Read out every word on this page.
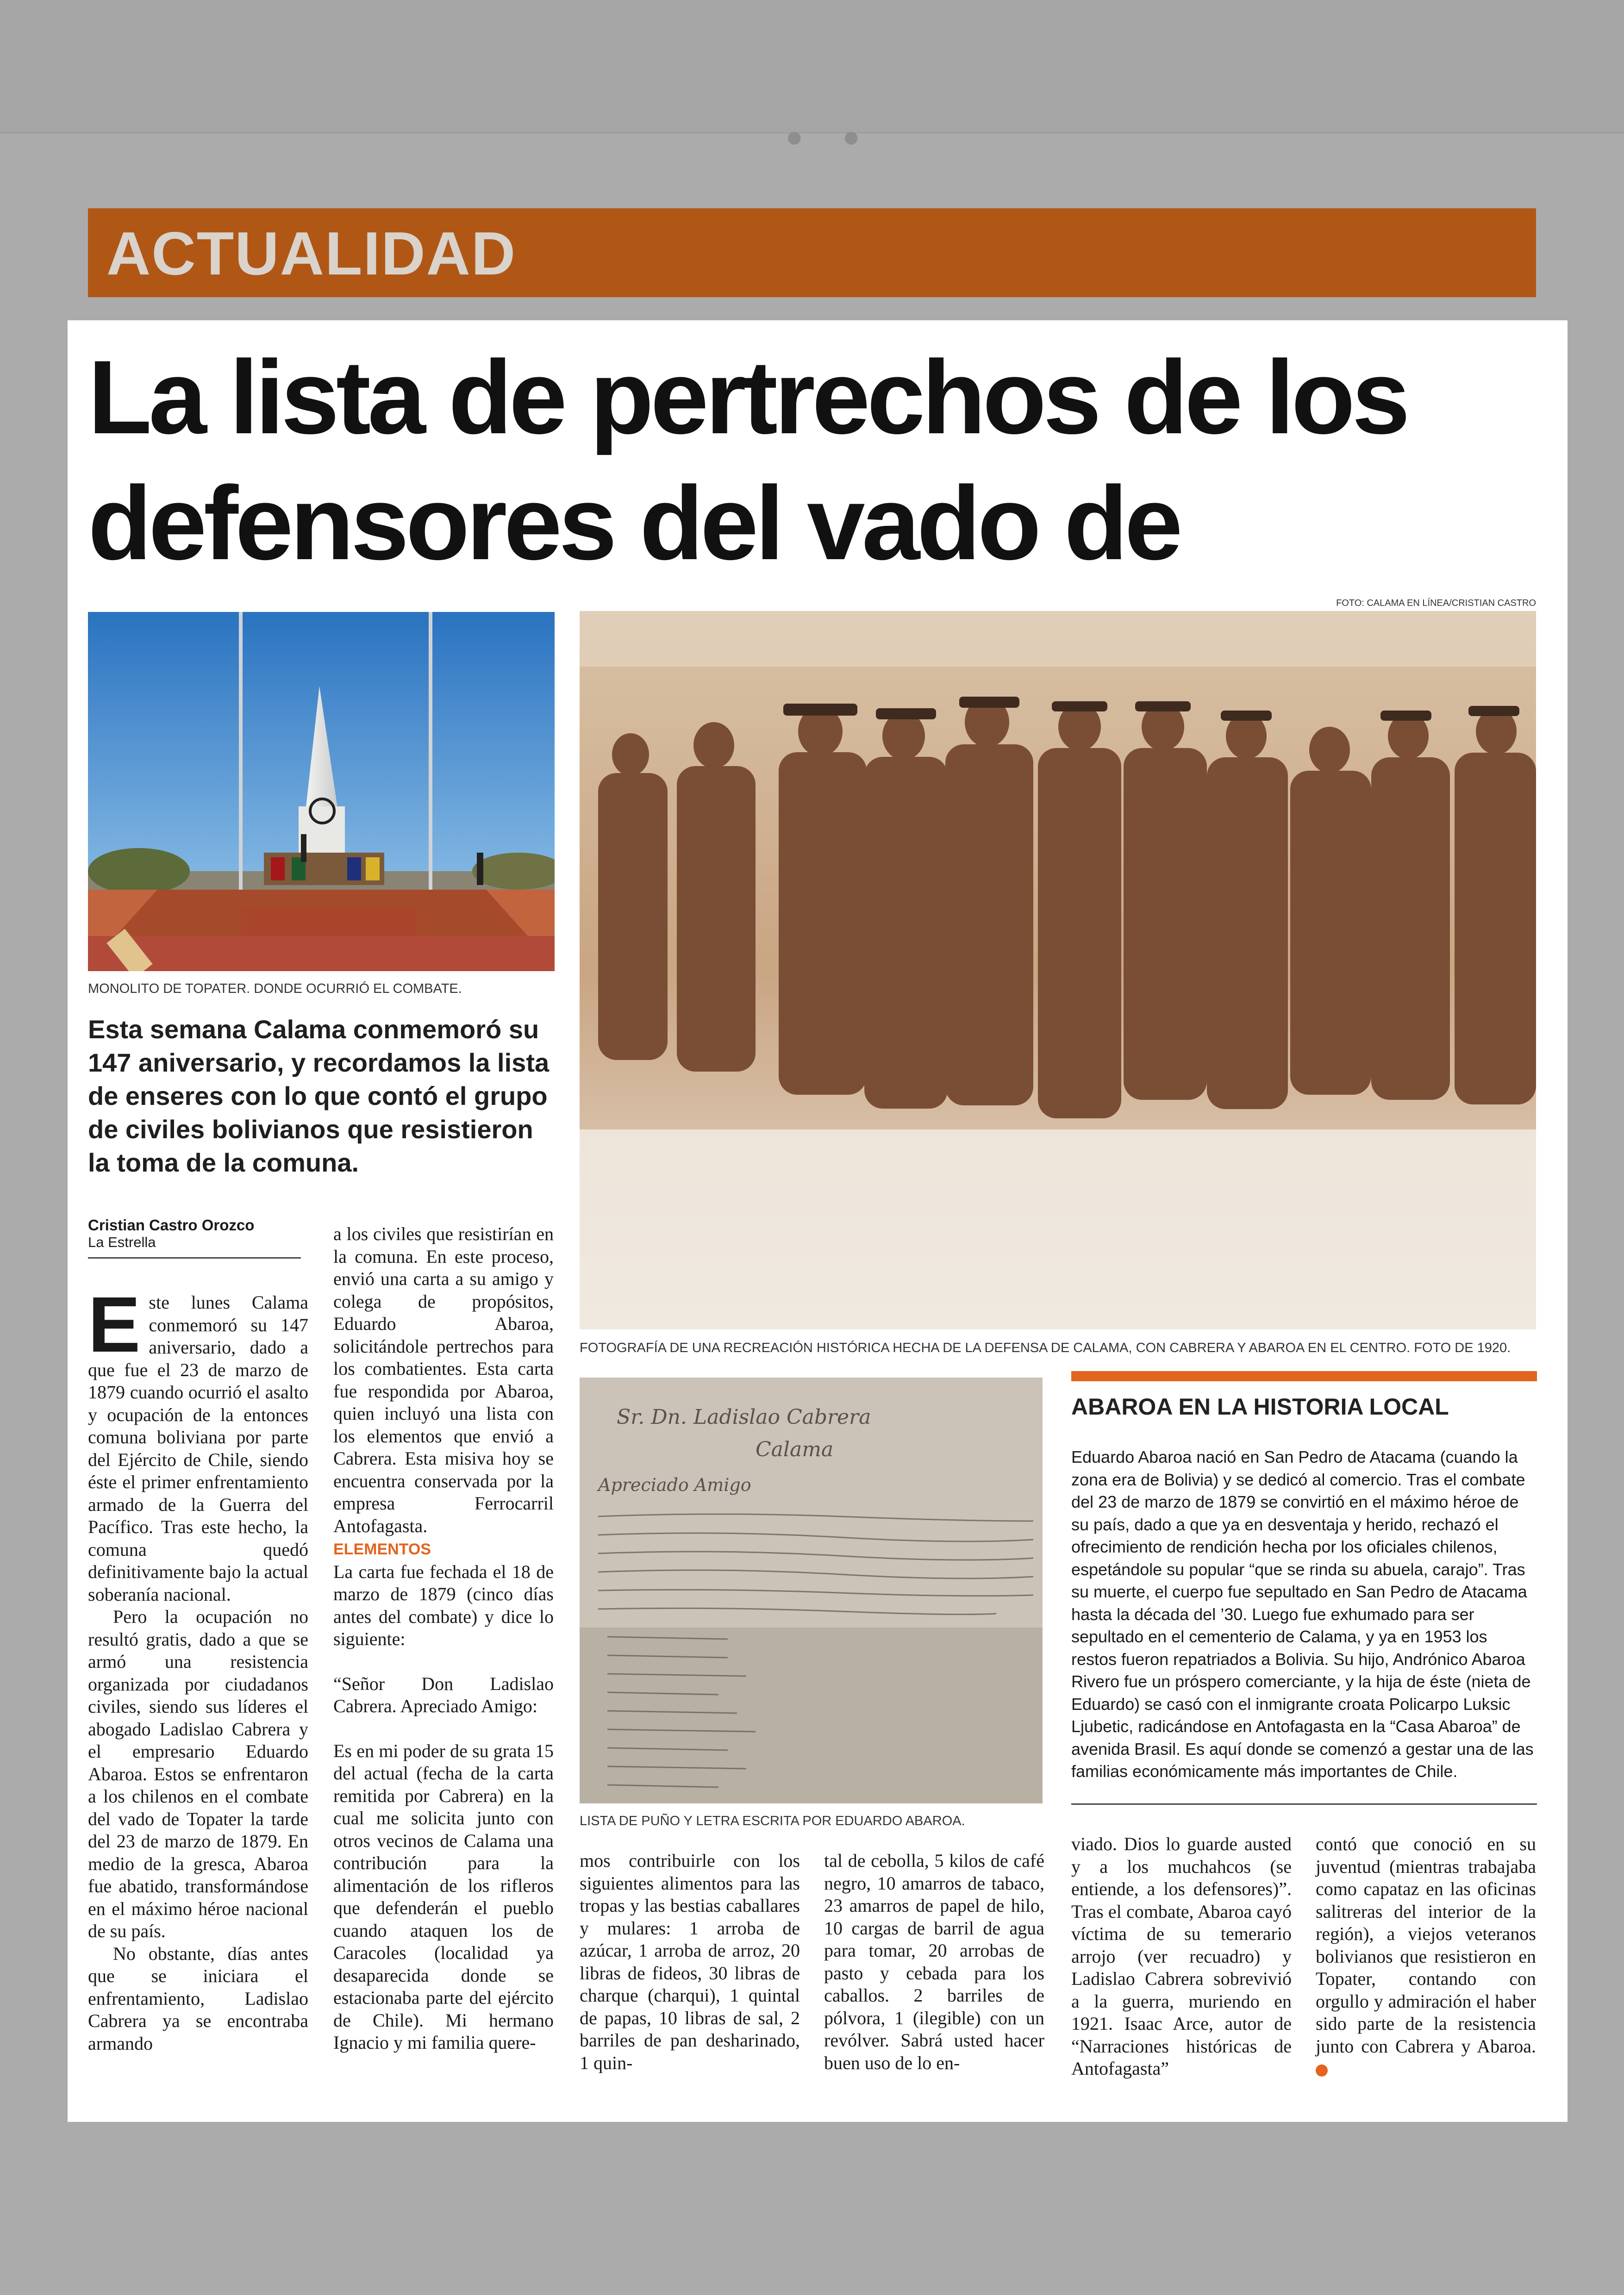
● ●
ACTUALIDAD
La lista de pertrechos de los
defensores del vado de
FOTO: CALAMA EN LÍNEA/CRISTIAN CASTRO
MONOLITO DE TOPATER. DONDE OCURRIÓ EL COMBATE.
FOTOGRAFÍA DE UNA RECREACIÓN HISTÓRICA HECHA DE LA DEFENSA DE CALAMA, CON CABRERA Y ABAROA EN EL CENTRO. FOTO DE 1920.
Sr. Dn. Ladislao Cabrera
Calama
Apreciado Amigo
LISTA DE PUÑO Y LETRA ESCRITA POR EDUARDO ABAROA.

Esta semana Calama conmemoró su 147 aniversario, y recordamos la lista de enseres con lo que contó el grupo de civiles bolivianos que resistieron la toma de la comuna.

Cristian Castro Orozco
La Estrella

Este lunes Calama conmemoró su 147 aniversario, dado a que fue el 23 de marzo de 1879 cuando ocurrió el asalto y ocupación de la entonces comuna boliviana por parte del Ejército de Chile, siendo éste el primer enfrentamiento armado de la Guerra del Pacífico. Tras este hecho, la comuna quedó definitivamente bajo la actual soberanía nacional.

Pero la ocupación no resultó gratis, dado a que se armó una resistencia organizada por ciudadanos civiles, siendo sus líderes el abogado Ladislao Cabrera y el empresario Eduardo Abaroa. Estos se enfrentaron a los chilenos en el combate del vado de Topater la tarde del 23 de marzo de 1879. En medio de la gresca, Abaroa fue abatido, transformándose en el máximo héroe nacional de su país.

No obstante, días antes que se iniciara el enfrentamiento, Ladislao Cabrera ya se encontraba armando

a los civiles que resistirían en la comuna. En este proceso, envió una carta a su amigo y colega de propósitos, Eduardo Abaroa, solicitándole pertrechos para los combatientes. Esta carta fue respondida por Abaroa, quien incluyó una lista con los elementos que envió a Cabrera. Esta misiva hoy se encuentra conservada por la empresa Ferrocarril Antofagasta.

ELEMENTOS

La carta fue fechada el 18 de marzo de 1879 (cinco días antes del combate) y dice lo siguiente:

“Señor Don Ladislao Cabrera. Apreciado Amigo:

Es en mi poder de su grata 15 del actual (fecha de la carta remitida por Cabrera) en la cual me solicita junto con otros vecinos de Calama una contribución para la alimentación de los rifleros que defenderán el pueblo cuando ataquen los de Caracoles (localidad ya desaparecida donde se estacionaba parte del ejército de Chile). Mi hermano Ignacio y mi familia quere-

mos contribuirle con los siguientes alimentos para las tropas y las bestias caballares y mulares: 1 arroba de azúcar, 1 arroba de arroz, 20 libras de fideos, 30 libras de charque (charqui), 1 quintal de papas, 10 libras de sal, 2 barriles de pan desharinado, 1 quin-

tal de cebolla, 5 kilos de café negro, 10 amarros de tabaco, 23 amarros de papel de hilo, 10 cargas de barril de agua para tomar, 20 arrobas de pasto y cebada para los caballos. 2 barriles de pólvora, 1 (ilegible) con un revólver. Sabrá usted hacer buen uso de lo en-

ABAROA EN LA HISTORIA LOCAL

Eduardo Abaroa nació en San Pedro de Atacama (cuando la zona era de Bolivia) y se dedicó al comercio. Tras el combate del 23 de marzo de 1879 se convirtió en el máximo héroe de su país, dado a que ya en desventaja y herido, rechazó el ofrecimiento de rendición hecha por los oficiales chilenos, espetándole su popular “que se rinda su abuela, carajo”. Tras su muerte, el cuerpo fue sepultado en San Pedro de Atacama hasta la década del ’30. Luego fue exhumado para ser sepultado en el cementerio de Calama, y ya en 1953 los restos fueron repatriados a Bolivia. Su hijo, Andrónico Abaroa Rivero fue un próspero comerciante, y la hija de éste (nieta de Eduardo) se casó con el inmigrante croata Policarpo Luksic Ljubetic, radicándose en Antofagasta en la “Casa Abaroa” de avenida Brasil. Es aquí donde se comenzó a gestar una de las familias económicamente más importantes de Chile.

viado. Dios lo guarde austed y a los muchahcos (se entiende, a los defensores)”. Tras el combate, Abaroa cayó víctima de su temerario arrojo (ver recuadro) y Ladislao Cabrera sobrevivió a la guerra, muriendo en 1921. Isaac Arce, autor de “Narraciones históricas de Antofagasta”

contó que conoció en su juventud (mientras trabajaba como capataz en las oficinas salitreras del interior de la región), a viejos veteranos bolivianos que resistieron en Topater, contando con orgullo y admiración el haber sido parte de la resistencia junto con Cabrera y Abaroa.
